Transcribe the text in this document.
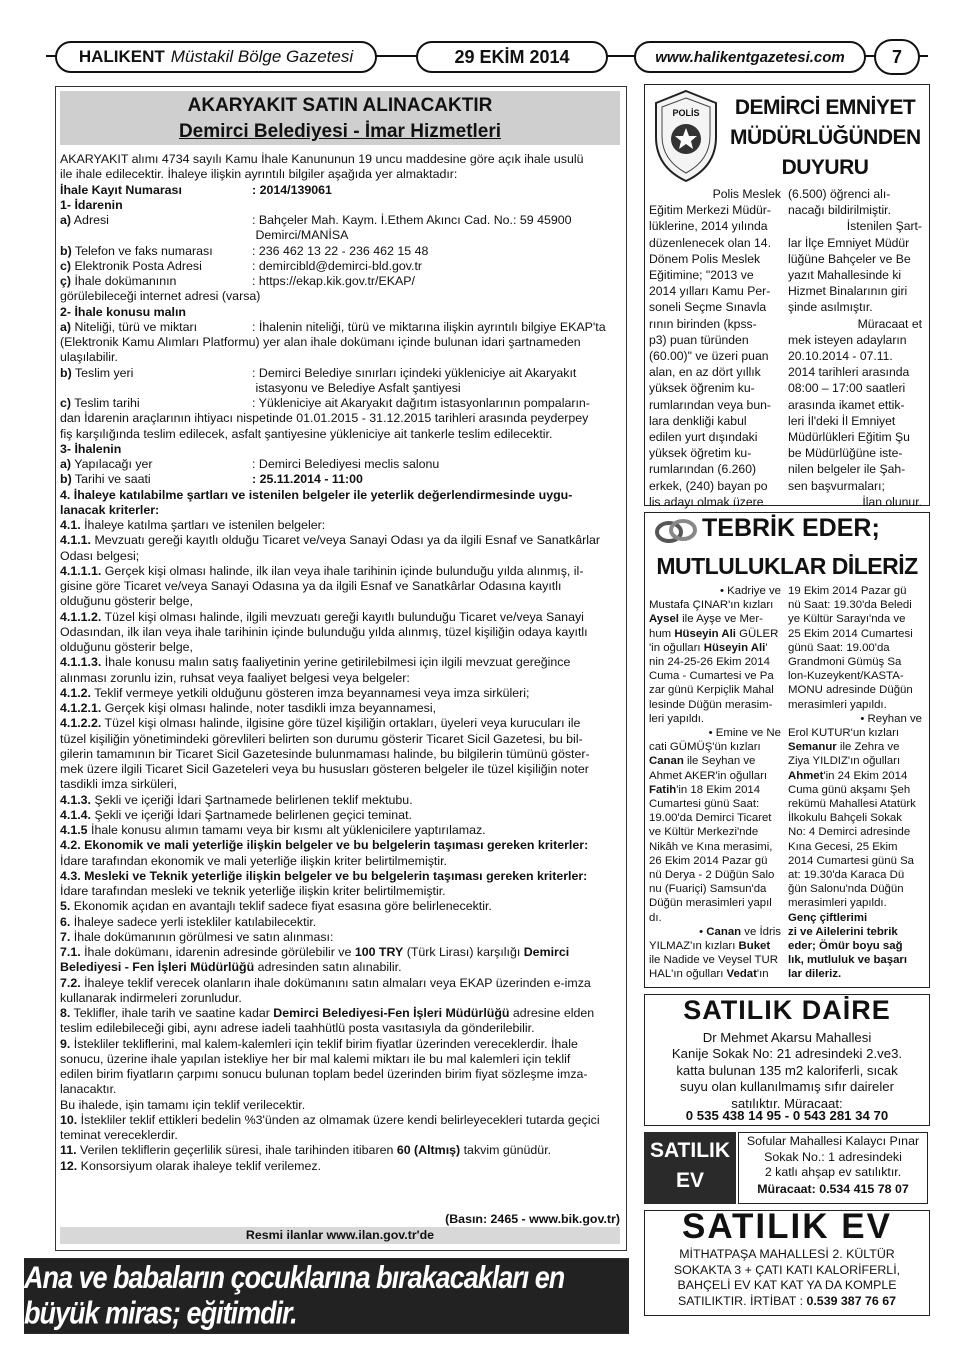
HALIKENT Müstakil Bölge Gazetesi	29 EKİM 2014	www.halikentgazetesi.com	7
AKARYAKIT SATIN ALINACAKTIR
Demirci Belediyesi - İmar Hizmetleri
AKARYAKIT alımı 4734 sayılı Kamu İhale Kanununun 19 uncu maddesine göre açık ihale usulü
ile ihale edilecektir. İhaleye ilişkin ayrıntılı bilgiler aşağıda yer almaktadır:
İhale Kayıt Numarası	: 2014/139061
1- İdarenin
a) Adresi	: Bahçeler Mah. Kaym. İ.Ethem Akıncı Cad. No.: 59 45900
Demirci/MANİSA
b) Telefon ve faks numarası	: 236 462 13 22 - 236 462 15 48
c) Elektronik Posta Adresi	: demircibld@demirci-bld.gov.tr
ç) İhale dokümanının	: https://ekap.kik.gov.tr/EKAP/
görülebileceği internet adresi (varsa)
2- İhale konusu malın
a) Niteliği, türü ve miktarı	: İhalenin niteliği, türü ve miktarına ilişkin ayrıntılı bilgiye EKAP'ta
(Elektronik Kamu Alımları Platformu) yer alan ihale dokümanı içinde bulunan idari şartnameden
ulaşılabilir.
b) Teslim yeri	: Demirci Belediye sınırları içindeki yükleniciye ait Akaryakıt
istasyonu ve Belediye Asfalt şantiyesi
c) Teslim tarihi	: Yükleniciye ait Akaryakıt dağıtım istasyonlarının pompaların-
dan İdarenin araçlarının ihtiyacı nispetinde 01.01.2015 - 31.12.2015 tarihleri arasında peyderpey
fiş karşılığında teslim edilecek, asfalt şantiyesine yükleniciye ait tankerle teslim edilecektir.
3- İhalenin
a) Yapılacağı yer	: Demirci Belediyesi meclis salonu
b) Tarihi ve saati	: 25.11.2014 - 11:00
4. İhaleye katılabilme şartları ve istenilen belgeler ile yeterlik değerlendirmesinde uygu-
lanacak kriterler:
4.1. İhaleye katılma şartları ve istenilen belgeler:
4.1.1. Mevzuatı gereği kayıtlı olduğu Ticaret ve/veya Sanayi Odası ya da ilgili Esnaf ve Sanatkârlar
Odası belgesi;
4.1.1.1. Gerçek kişi olması halinde, ilk ilan veya ihale tarihinin içinde bulunduğu yılda alınmış, il-
gisine göre Ticaret ve/veya Sanayi Odasına ya da ilgili Esnaf ve Sanatkârlar Odasına kayıtlı
olduğunu gösterir belge,
4.1.1.2. Tüzel kişi olması halinde, ilgili mevzuatı gereği kayıtlı bulunduğu Ticaret ve/veya Sanayi
Odasından, ilk ilan veya ihale tarihinin içinde bulunduğu yılda alınmış, tüzel kişiliğin odaya kayıtlı
olduğunu gösterir belge,
4.1.1.3. İhale konusu malın satış faaliyetinin yerine getirilebilmesi için ilgili mevzuat gereğince
alınması zorunlu izin, ruhsat veya faaliyet belgesi veya belgeler:
4.1.2. Teklif vermeye yetkili olduğunu gösteren imza beyannamesi veya imza sirküleri;
4.1.2.1. Gerçek kişi olması halinde, noter tasdikli imza beyannamesi,
4.1.2.2. Tüzel kişi olması halinde, ilgisine göre tüzel kişiliğin ortakları, üyeleri veya kurucuları ile
tüzel kişiliğin yönetimindeki görevlileri belirten son durumu gösterir Ticaret Sicil Gazetesi, bu bil-
gilerin tamamının bir Ticaret Sicil Gazetesinde bulunmaması halinde, bu bilgilerin tümünü göster-
mek üzere ilgili Ticaret Sicil Gazeteleri veya bu hususları gösteren belgeler ile tüzel kişiliğin noter
tasdikli imza sirküleri,
4.1.3. Şekli ve içeriği İdari Şartnamede belirlenen teklif mektubu.
4.1.4. Şekli ve içeriği İdari Şartnamede belirlenen geçici teminat.
4.1.5 İhale konusu alımın tamamı veya bir kısmı alt yüklenicilere yaptırılamaz.
4.2. Ekonomik ve mali yeterliğe ilişkin belgeler ve bu belgelerin taşıması gereken kriterler:
İdare tarafından ekonomik ve mali yeterliğe ilişkin kriter belirtilmemiştir.
4.3. Mesleki ve Teknik yeterliğe ilişkin belgeler ve bu belgelerin taşıması gereken kriterler:
İdare tarafından mesleki ve teknik yeterliğe ilişkin kriter belirtilmemiştir.
5. Ekonomik açıdan en avantajlı teklif sadece fiyat esasına göre belirlenecektir.
6. İhaleye sadece yerli istekliler katılabilecektir.
7. İhale dokümanının görülmesi ve satın alınması:
7.1. İhale dokümanı, idarenin adresinde görülebilir ve 100 TRY (Türk Lirası) karşılığı Demirci
Belediyesi - Fen İşleri Müdürlüğü adresinden satın alınabilir.
7.2. İhaleye teklif verecek olanların ihale dokümanını satın almaları veya EKAP üzerinden e-imza
kullanarak indirmeleri zorunludur.
8. Teklifler, ihale tarih ve saatine kadar Demirci Belediyesi-Fen İşleri Müdürlüğü adresine elden
teslim edilebileceği gibi, aynı adrese iadeli taahhütlü posta vasıtasıyla da gönderilebilir.
9. İstekliler tekliflerini, mal kalem-kalemleri için teklif birim fiyatlar üzerinden vereceklerdir. İhale
sonucu, üzerine ihale yapılan istekliye her bir mal kalemi miktarı ile bu mal kalemleri için teklif
edilen birim fiyatların çarpımı sonucu bulunan toplam bedel üzerinden birim fiyat sözleşme imza-
lanacaktır.
Bu ihalede, işin tamamı için teklif verilecektir.
10. İstekliler teklif ettikleri bedelin %3'ünden az olmamak üzere kendi belirleyecekleri tutarda geçici
teminat vereceklerdir.
11. Verilen tekliflerin geçerlilik süresi, ihale tarihinden itibaren 60 (Altmış) takvim günüdür.
12. Konsorsiyum olarak ihaleye teklif verilemez.
(Basın: 2465 - www.bik.gov.tr)
Resmi ilanlar www.ilan.gov.tr'de
POLİS DEMİRCİ EMNİYET
MÜDÜRLÜĞÜNDEN
DUYURU
Polis Meslek
Eğitim Merkezi Müdür-
lüklerine, 2014 yılında
düzenlenecek olan 14.
Dönem Polis Meslek
Eğitimine; "2013 ve
2014 yılları Kamu Per-
soneli Seçme Sınavla
rının birinden (kpss-
p3) puan türünden
(60.00)" ve üzeri puan
alan, en az dört yıllık
yüksek öğrenim ku-
rumlarından veya bun-
lara denkliği kabul
edilen yurt dışındaki
yüksek öğretim ku-
rumlarından (6.260)
erkek, (240) bayan po
lis adayı olmak üzere
(6.500) öğrenci alı-
nacağı bildirilmiştir.
İstenilen Şart-
lar İlçe Emniyet Müdür
lüğüne Bahçeler ve Be
yazıt Mahallesinde ki
Hizmet Binalarının giri
şinde asılmıştır.
Müracaat et
mek isteyen adayların
20.10.2014 - 07.11.
2014 tarihleri arasında
08:00 – 17:00 saatleri
arasında ikamet ettik-
leri İl'deki İl Emniyet
Müdürlükleri Eğitim Şu
be Müdürlüğüne iste-
nilen belgeler ile Şah-
sen başvurmaları;
İlan olunur.
TEBRİK EDER;
MUTLULUKLAR DİLERİZ
• Kadriye ve
Mustafa ÇINAR'ın kızları
Aysel ile Ayşe ve Mer-
hum Hüseyin Ali GÜLER
'in oğulları Hüseyin Ali'
nin 24-25-26 Ekim 2014
Cuma - Cumartesi ve Pa
zar günü Kerpiçlik Mahal
lesinde Düğün merasim-
leri yapıldı.
• Emine ve Ne
cati GÜMÜŞ'ün kızları
Canan ile Seyhan ve
Ahmet AKER'in oğulları
Fatih'in 18 Ekim 2014
Cumartesi günü Saat:
19.00'da Demirci Ticaret
ve Kültür Merkezi'nde
Nikâh ve Kına merasimi,
26 Ekim 2014 Pazar gü
nü Derya - 2 Düğün Salo
nu (Fuariçi) Samsun'da
Düğün merasimleri yapıl
dı.
• Canan ve İdris
YILMAZ'ın kızları Buket
ile Nadide ve Veysel TUR
HAL'ın oğulları Vedat'ın
19 Ekim 2014 Pazar gü
nü Saat: 19.30'da Beledi
ye Kültür Sarayı'nda ve
25 Ekim 2014 Cumartesi
günü Saat: 19.00'da
Grandmoni Gümüş Sa
lon-Kuzeykent/KASTA-
MONU adresinde Düğün
merasimleri yapıldı.
• Reyhan ve
Erol KUTUR'un kızları
Semanur ile Zehra ve
Ziya YILDIZ'ın oğulları
Ahmet'in 24 Ekim 2014
Cuma günü akşamı Şeh
rekümü Mahallesi Atatürk
İlkokulu Bahçeli Sokak
No: 4 Demirci adresinde
Kına Gecesi, 25 Ekim
2014 Cumartesi günü Sa
at: 19.30'da Karaca Dü
ğün Salonu'nda Düğün
merasimleri yapıldı.
Genç çiftlerimi
zi ve Ailelerini tebrik
eder; Ömür boyu sağ
lık, mutluluk ve başarı
lar dileriz.
SATILIK DAİRE
Dr Mehmet Akarsu Mahallesi
Kanije Sokak No: 21 adresindeki 2.ve3.
katta bulunan 135 m2 kaloriferli, sıcak
suyu olan kullanılmamış sıfır daireler
satılıktır. Müracaat:
0 535 438 14 95 - 0 543 281 34 70
SATILIK
EV
Sofular Mahallesi Kalaycı Pınar
Sokak No.: 1 adresindeki
2 katlı ahşap ev satılıktır.
Müracaat: 0.534 415 78 07
SATILIK EV
MİTHATPAŞA MAHALLESİ 2. KÜLTÜR
SOKAKTA 3 + ÇATI KATI KALORİFERLİ,
BAHÇELİ EV KAT KAT YA DA KOMPLE
SATILIKTIR. İRTİBAT : 0.539 387 76 67
Ana ve babaların çocuklarına bırakacakları en büyük miras; eğitimdir.
